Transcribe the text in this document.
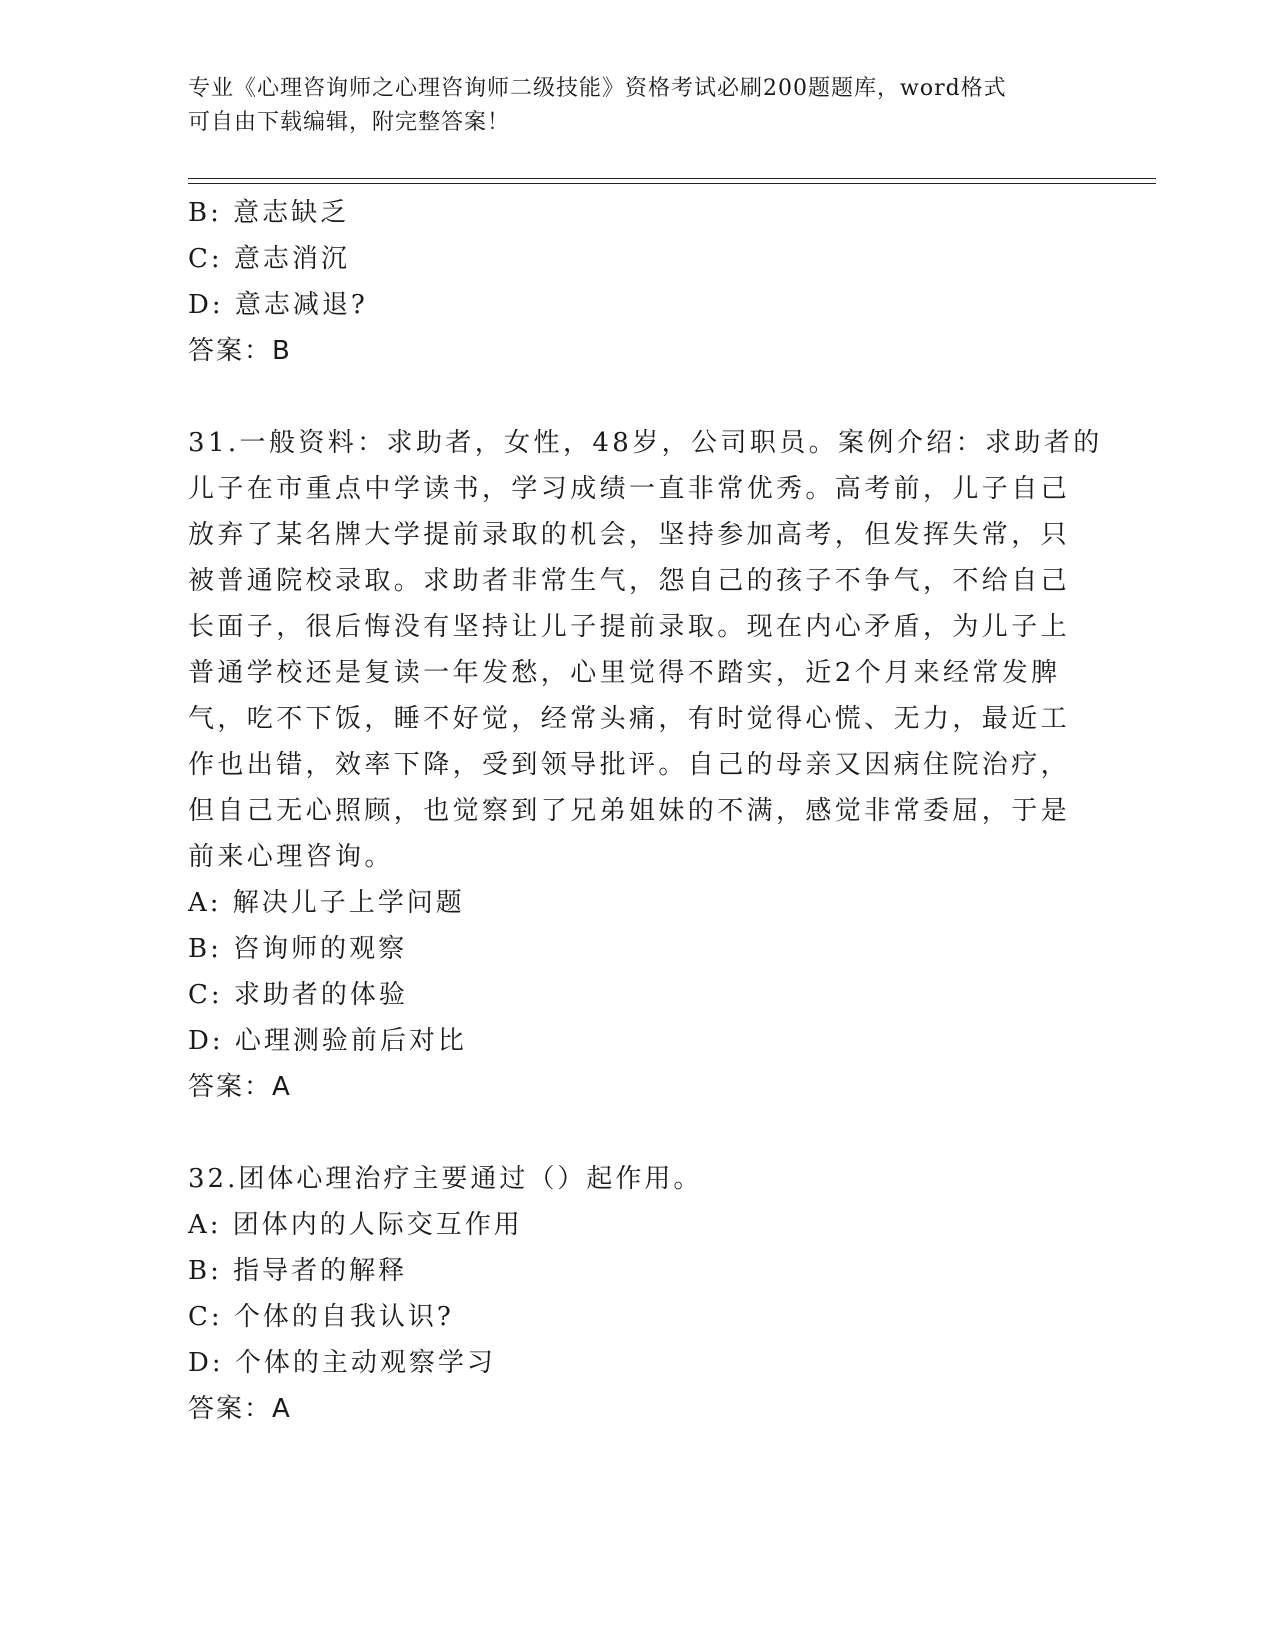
专业《心理咨询师之心理咨询师二级技能》资格考试必刷200题题库，word格式
可自由下载编辑，附完整答案！
B: 意志缺乏
C: 意志消沉
D: 意志减退?
答案：B
31.一般资料：求助者，女性，48岁，公司职员。案例介绍：求助者的
儿子在市重点中学读书，学习成绩一直非常优秀。高考前，儿子自己
放弃了某名牌大学提前录取的机会，坚持参加高考，但发挥失常，只
被普通院校录取。求助者非常生气，怨自己的孩子不争气，不给自己
长面子，很后悔没有坚持让儿子提前录取。现在内心矛盾，为儿子上
普通学校还是复读一年发愁，心里觉得不踏实，近2个月来经常发脾
气，吃不下饭，睡不好觉，经常头痛，有时觉得心慌、无力，最近工
作也出错，效率下降，受到领导批评。自己的母亲又因病住院治疗，
但自己无心照顾，也觉察到了兄弟姐妹的不满，感觉非常委屈，于是
前来心理咨询。
A: 解决儿子上学问题
B: 咨询师的观察
C: 求助者的体验
D: 心理测验前后对比
答案：A
32.团体心理治疗主要通过（）起作用。
A: 团体内的人际交互作用
B: 指导者的解释
C: 个体的自我认识?
D: 个体的主动观察学习
答案：A
